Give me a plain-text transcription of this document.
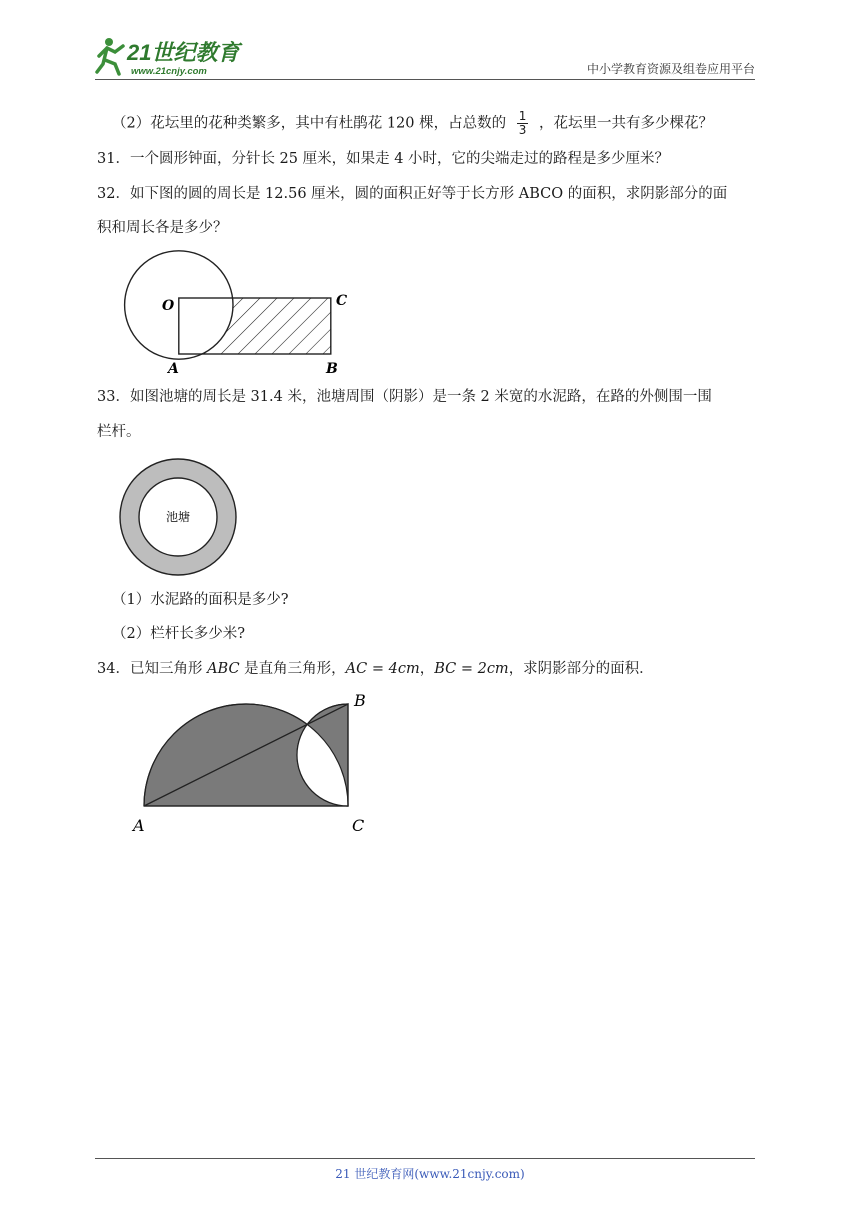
21世纪教育
www.21cnjy.com	中小学教育资源及组卷应用平台
（2）花坛里的花种类繁多，其中有杜鹃花 120 棵，占总数的 $\frac{1}{3}$ ，花坛里一共有多少棵花？
31．一个圆形钟面，分针长 25 厘米，如果走 4 小时，它的尖端走过的路程是多少厘米？
32．如下图的圆的周长是 12.56 厘米，圆的面积正好等于长方形 ABCO 的面积，求阴影部分的面
积和周长各是多少？
O	C
A	B
33．如图池塘的周长是 31.4 米，池塘周围（阴影）是一条 2 米宽的水泥路，在路的外侧围一围
栏杆。
池塘
（1）水泥路的面积是多少?
（2）栏杆长多少米?
34．已知三角形 ABC 是直角三角形，AC = 4cm，BC = 2cm，求阴影部分的面积．
A
B
C
21 世纪教育网(www.21cnjy.com)
